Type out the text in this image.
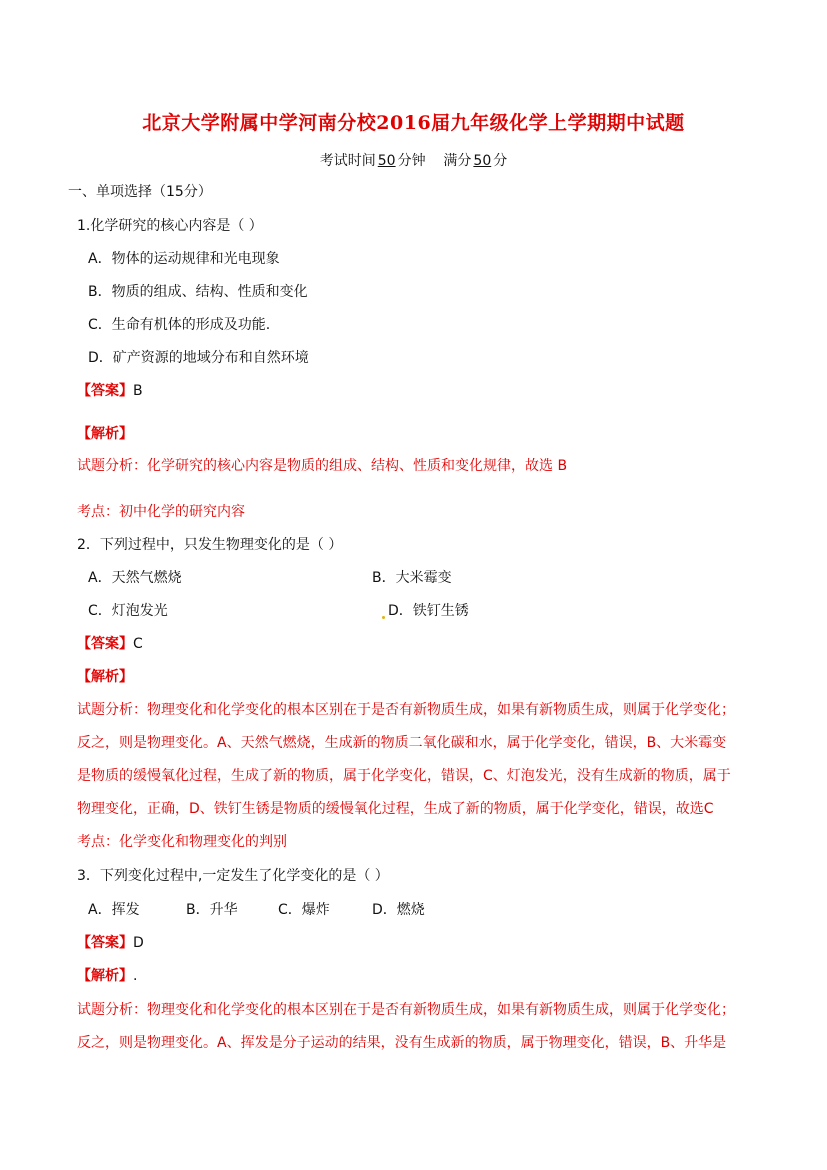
北京大学附属中学河南分校2016届九年级化学上学期期中试题
考试时间 50 分钟 满分 50 分
一、单项选择（15分）
1.化学研究的核心内容是（ ）
A．物体的运动规律和光电现象
B．物质的组成、结构、性质和变化
C．生命有机体的形成及功能.
D．矿产资源的地域分布和自然环境
【答案】B
【解析】
试题分析：化学研究的核心内容是物质的组成、结构、性质和变化规律，故选 B
考点：初中化学的研究内容
2．下列过程中，只发生物理变化的是（ ）
A．天然气燃烧	B．大米霉变
C．灯泡发光	D．铁钉生锈
【答案】C
【解析】
试题分析：物理变化和化学变化的根本区别在于是否有新物质生成，如果有新物质生成，则属于化学变化；
反之，则是物理变化。A、天然气燃烧，生成新的物质二氧化碳和水，属于化学变化，错误，B、大米霉变
是物质的缓慢氧化过程，生成了新的物质，属于化学变化，错误，C、灯泡发光，没有生成新的物质，属于
物理变化，正确，D、铁钉生锈是物质的缓慢氧化过程，生成了新的物质，属于化学变化，错误，故选C
考点：化学变化和物理变化的判别
3．下列变化过程中,一定发生了化学变化的是（ ）
A．挥发	B．升华	C．爆炸	D．燃烧
【答案】D
【解析】.
试题分析：物理变化和化学变化的根本区别在于是否有新物质生成，如果有新物质生成，则属于化学变化；
反之，则是物理变化。A、挥发是分子运动的结果，没有生成新的物质，属于物理变化，错误，B、升华是
